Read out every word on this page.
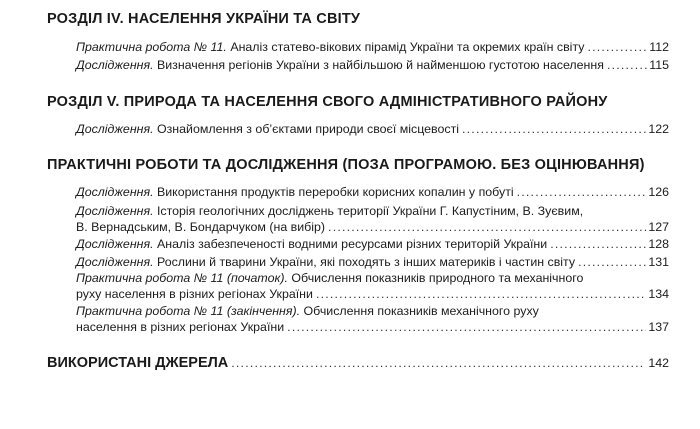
РОЗДІЛ IV. НАСЕЛЕННЯ УКРАЇНИ ТА СВІТУ
Практична робота № 11. Аналіз статево-вікових пірамід України та окремих країн світу .....	112
Дослідження. Визначення регіонів України з найбільшою й найменшою густотою населення .....	115
РОЗДІЛ V. ПРИРОДА ТА НАСЕЛЕННЯ СВОГО АДМІНІСТРАТИВНОГО РАЙОНУ
Дослідження. Ознайомлення з об’єктами природи своєї місцевості .....	122
ПРАКТИЧНІ РОБОТИ ТА ДОСЛІДЖЕННЯ (ПОЗА ПРОГРАМОЮ. БЕЗ ОЦІНЮВАННЯ)
Дослідження. Використання продуктів переробки корисних копалин у побуті .....	126
Дослідження. Історія геологічних досліджень території України Г. Капустіним, В. Зуєвим,
В. Вернадським, В. Бондарчуком (на вибір) .....	127
Дослідження. Аналіз забезпеченості водними ресурсами різних територій України .....	128
Дослідження. Рослини й тварини України, які походять з інших материків і частин світу .....	131
Практична робота № 11 (початок). Обчислення показників природного та механічного
руху населення в різних регіонах України .....	134
Практична робота № 11 (закінчення). Обчислення показників механічного руху
населення в різних регіонах України .....	137
ВИКОРИСТАНІ ДЖЕРЕЛА .....	142
